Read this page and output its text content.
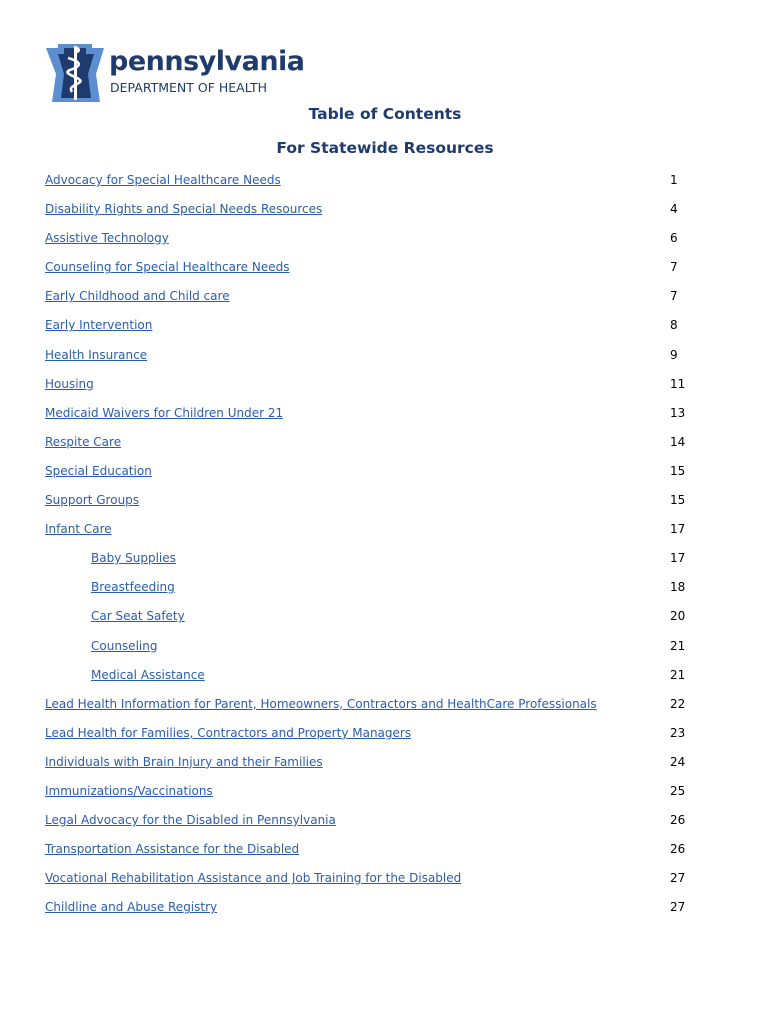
pennsylvania
DEPARTMENT OF HEALTH
Table of Contents
For Statewide Resources
Advocacy for Special Healthcare Needs	1
Disability Rights and Special Needs Resources	4
Assistive Technology	6
Counseling for Special Healthcare Needs	7
Early Childhood and Child care	7
Early Intervention	8
Health Insurance	9
Housing	11
Medicaid Waivers for Children Under 21	13
Respite Care	14
Special Education	15
Support Groups	15
Infant Care	17
Baby Supplies	17
Breastfeeding	18
Car Seat Safety	20
Counseling	21
Medical Assistance	21
Lead Health Information for Parent, Homeowners, Contractors and HealthCare Professionals	22
Lead Health for Families, Contractors and Property Managers	23
Individuals with Brain Injury and their Families	24
Immunizations/Vaccinations	25
Legal Advocacy for the Disabled in Pennsylvania	26
Transportation Assistance for the Disabled	26
Vocational Rehabilitation Assistance and Job Training for the Disabled	27
Childline and Abuse Registry	27
